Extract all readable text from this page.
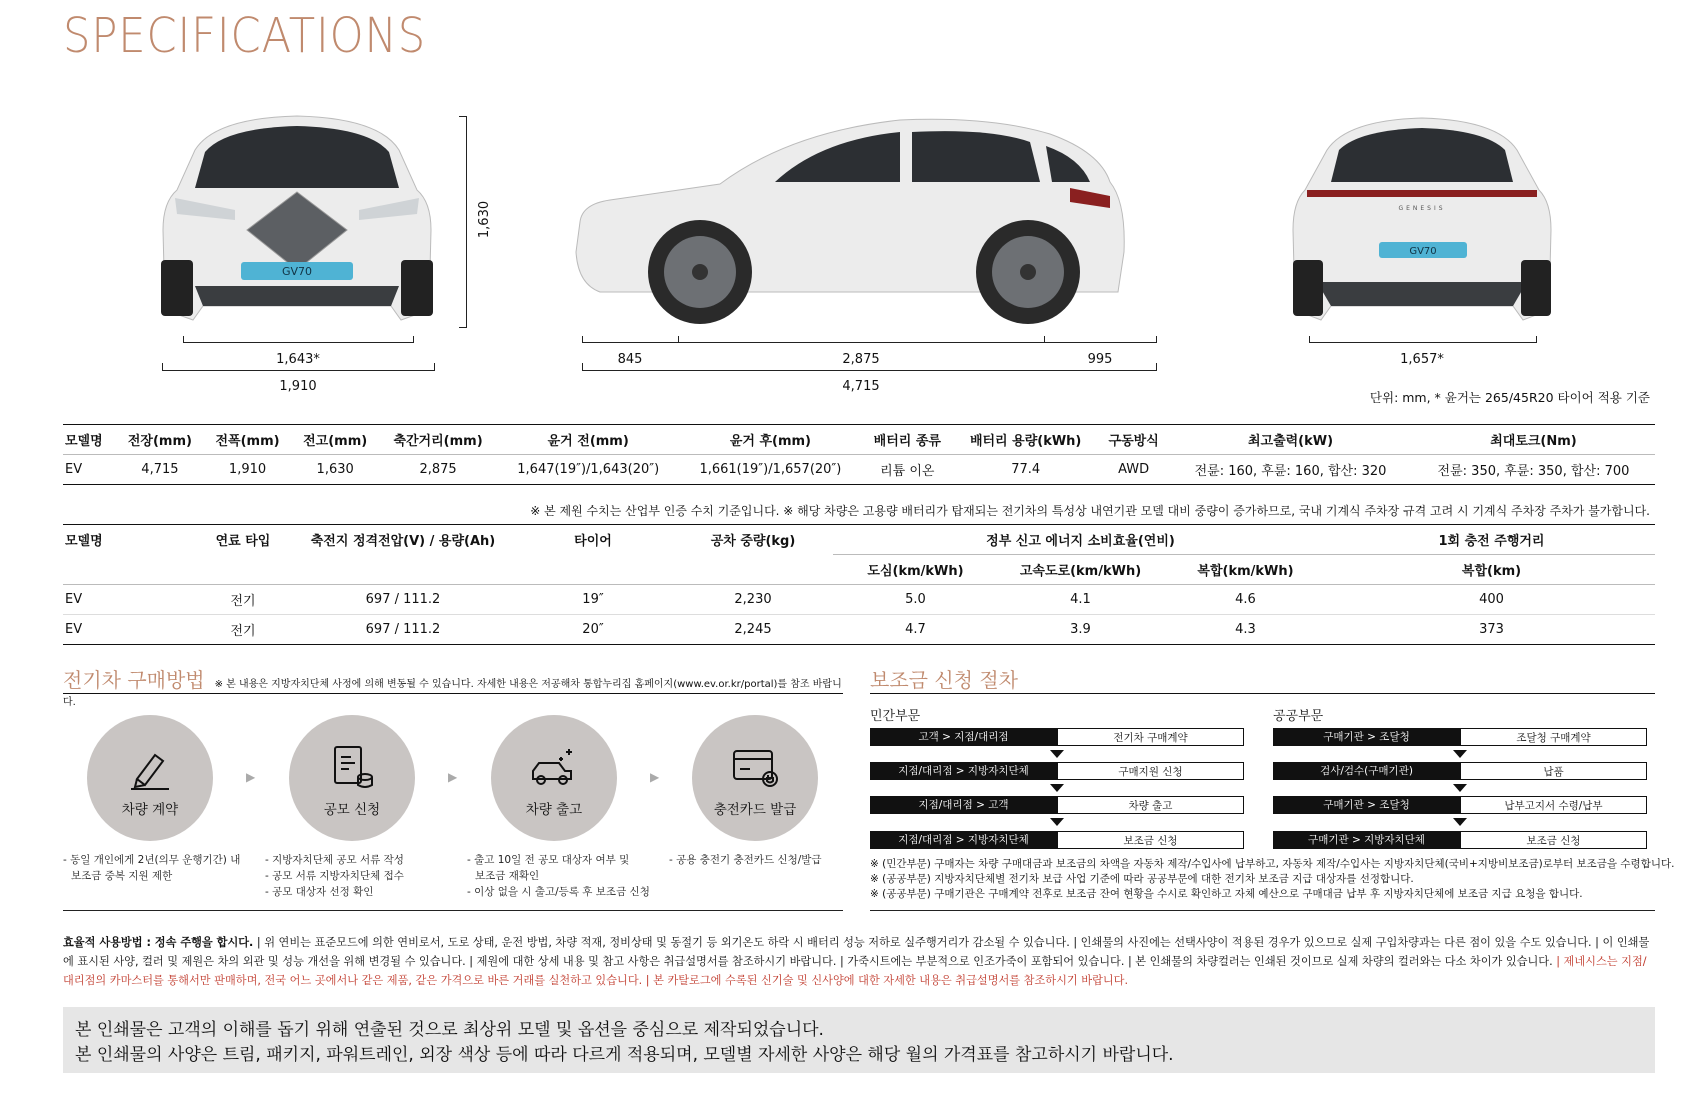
SPECIFICATIONS
GV70
1,630
1,643*
1,910
845	2,875	995
4,715
GENESIS
GV70
1,657*
단위: mm, * 윤거는 265/45R20 타이어 적용 기준
모델명	전장(mm)	전폭(mm)	전고(mm)	축간거리(mm)	윤거 전(mm)	윤거 후(mm)	배터리 종류	배터리 용량(kWh)	구동방식	최고출력(kW)	최대토크(Nm)
EV	4,715	1,910	1,630	2,875	1,647(19″)/1,643(20″)	1,661(19″)/1,657(20″)	리튬 이온	77.4	AWD	전륜: 160, 후륜: 160, 합산: 320	전륜: 350, 후륜: 350, 합산: 700
※ 본 제원 수치는 산업부 인증 수치 기준입니다. ※ 해당 차량은 고용량 배터리가 탑재되는 전기차의 특성상 내연기관 모델 대비 중량이 증가하므로, 국내 기계식 주차장 규격 고려 시 기계식 주차장 주차가 불가합니다.
모델명	연료 타입	축전지 정격전압(V) / 용량(Ah)	타이어	공차 중량(kg)	정부 신고 에너지 소비효율(연비)			1회 충전 주행거리
					도심(km/kWh)	고속도로(km/kWh)	복합(km/kWh)	복합(km)
EV	전기	697 / 111.2	19″	2,230	5.0	4.1	4.6	400
EV	전기	697 / 111.2	20″	2,245	4.7	3.9	4.3	373
전기차 구매방법 ※ 본 내용은 지방자치단체 사정에 의해 변동될 수 있습니다. 자세한 내용은 저공해차 통합누리집 홈페이지(www.ev.or.kr/portal)를 참조 바랍니다.
차량 계약
▶
공모 신청
▶
차량 출고
▶
충전카드 발급
- 동일 개인에게 2년(의무 운행기간) 내
보조금 중복 지원 제한
- 지방자치단체 공모 서류 작성
- 공모 서류 지방자치단체 접수
- 공모 대상자 선정 확인
- 출고 10일 전 공모 대상자 여부 및
보조금 재확인
- 이상 없을 시 출고/등록 후 보조금 신청
- 공용 충전기 충전카드 신청/발급
보조금 신청 절차
민간부문	공공부문
고객 > 지점/대리점	전기차 구매계약
지점/대리점 > 지방자치단체	구매지원 신청
지점/대리점 > 고객	차량 출고
지점/대리점 > 지방자치단체	보조금 신청
구매기관 > 조달청	조달청 구매계약
검사/검수(구매기관)	납품
구매기관 > 조달청	납부고지서 수령/납부
구매기관 > 지방자치단체	보조금 신청
※ (민간부문) 구매자는 차량 구매대금과 보조금의 차액을 자동차 제작/수입사에 납부하고, 자동차 제작/수입사는 지방자치단체(국비+지방비보조금)로부터 보조금을 수령합니다.
※ (공공부문) 지방자치단체별 전기차 보급 사업 기준에 따라 공공부문에 대한 전기차 보조금 지급 대상자를 선정합니다.
※ (공공부문) 구매기관은 구매계약 전후로 보조금 잔여 현황을 수시로 확인하고 자체 예산으로 구매대금 납부 후 지방자치단체에 보조금 지급 요청을 합니다.
효율적 사용방법 : 정속 주행을 합시다. | 위 연비는 표준모드에 의한 연비로서, 도로 상태, 운전 방법, 차량 적재, 정비상태 및 동절기 등 외기온도 하락 시 배터리 성능 저하로 실주행거리가 감소될 수 있습니다. | 인쇄물의 사진에는 선택사양이 적용된 경우가 있으므로 실제 구입차량과는 다른 점이 있을 수도 있습니다. | 이 인쇄물에 표시된 사양, 컬러 및 제원은 차의 외관 및 성능 개선을 위해 변경될 수 있습니다. | 제원에 대한 상세 내용 및 참고 사항은 취급설명서를 참조하시기 바랍니다. | 가죽시트에는 부분적으로 인조가죽이 포함되어 있습니다. | 본 인쇄물의 차량컬러는 인쇄된 것이므로 실제 차량의 컬러와는 다소 차이가 있습니다. | 제네시스는 지점/대리점의 카마스터를 통해서만 판매하며, 전국 어느 곳에서나 같은 제품, 같은 가격으로 바른 거래를 실천하고 있습니다. | 본 카탈로그에 수록된 신기술 및 신사양에 대한 자세한 내용은 취급설명서를 참조하시기 바랍니다.
본 인쇄물은 고객의 이해를 돕기 위해 연출된 것으로 최상위 모델 및 옵션을 중심으로 제작되었습니다.
본 인쇄물의 사양은 트림, 패키지, 파워트레인, 외장 색상 등에 따라 다르게 적용되며, 모델별 자세한 사양은 해당 월의 가격표를 참고하시기 바랍니다.
